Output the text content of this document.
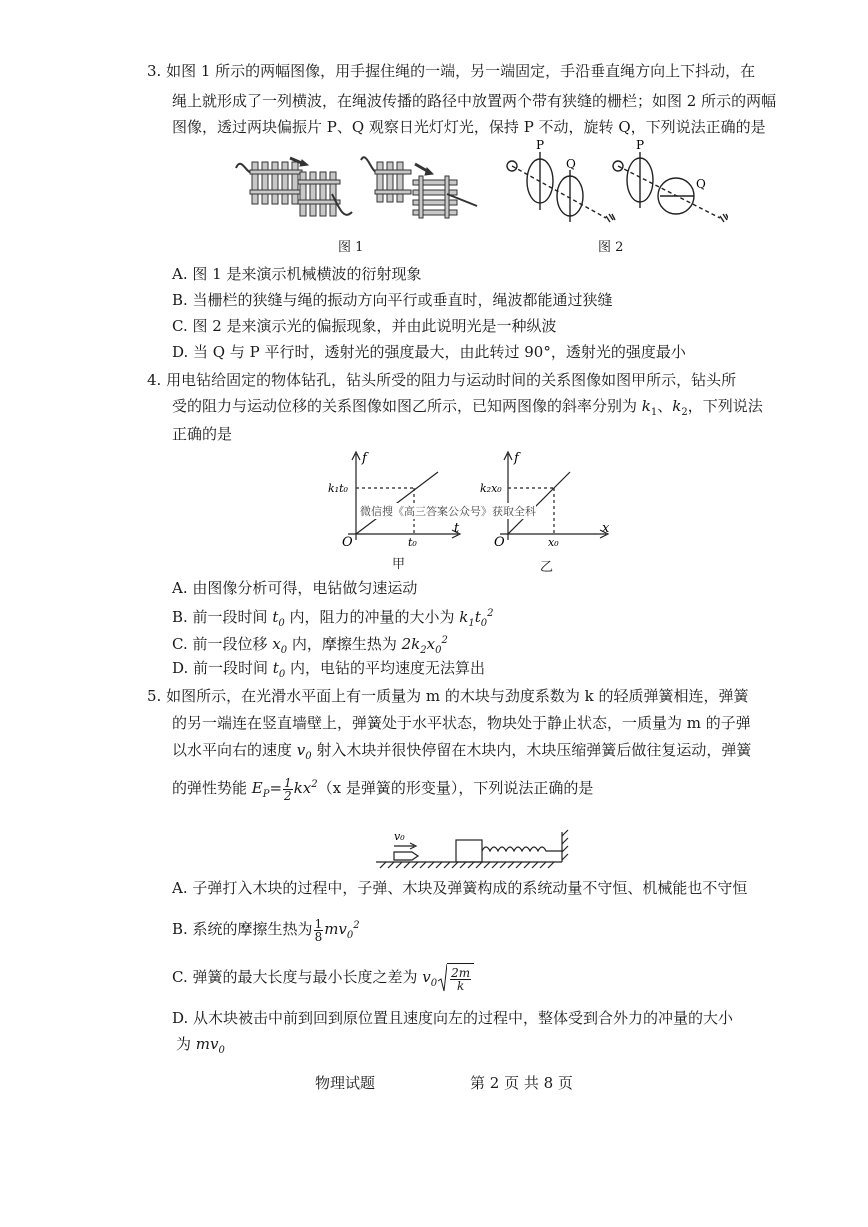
3. 如图 1 所示的两幅图像，用手握住绳的一端，另一端固定，手沿垂直绳方向上下抖动，在
绳上就形成了一列横波，在绳波传播的路径中放置两个带有狭缝的栅栏；如图 2 所示的两幅
图像，透过两块偏振片 P、Q 观察日光灯灯光，保持 P 不动，旋转 Q，下列说法正确的是
图 1
P
Q
P
Q
图 2
A. 图 1 是来演示机械横波的衍射现象
B. 当栅栏的狭缝与绳的振动方向平行或垂直时，绳波都能通过狭缝
C. 图 2 是来演示光的偏振现象，并由此说明光是一种纵波
D. 当 Q 与 P 平行时，透射光的强度最大，由此转过 90°，透射光的强度最小
4. 用电钻给固定的物体钻孔，钻头所受的阻力与运动时间的关系图像如图甲所示，钻头所
受的阻力与运动位移的关系图像如图乙所示，已知两图像的斜率分别为 $k_1$、$k_2$，下列说法
正确的是
f
t
O
k₁t₀
t₀
甲
f
x
O
k₂x₀
x₀
乙
微信搜《高三答案公众号》获取全科
A. 由图像分析可得，电钻做匀速运动
B. 前一段时间 $t_0$ 内，阻力的冲量的大小为 $k_1t_0^2$
C. 前一段位移 $x_0$ 内，摩擦生热为 $2k_2x_0^2$
D. 前一段时间 $t_0$ 内，电钻的平均速度无法算出
5. 如图所示，在光滑水平面上有一质量为 m 的木块与劲度系数为 k 的轻质弹簧相连，弹簧
的另一端连在竖直墙壁上，弹簧处于水平状态，物块处于静止状态，一质量为 m 的子弹
以水平向右的速度 $v_0$ 射入木块并很快停留在木块内，木块压缩弹簧后做往复运动，弹簧
的弹性势能 $E_P= \frac{1}{2} kx^2(x$ 是弹簧的形变量），下列说法正确的是
v₀
A. 子弹打入木块的过程中，子弹、木块及弹簧构成的系统动量不守恒、机械能也不守恒
B. 系统的摩擦生热为 $\frac{1}{8} mv_0^2$
C. 弹簧的最大长度与最小长度之差为 $v_0 \frac{2m}{k}$
D. 从木块被击中前到回到原位置且速度向左的过程中，整体受到合外力的冲量的大小
为 $mv_0$
物理试题	第 2 页 共 8 页
